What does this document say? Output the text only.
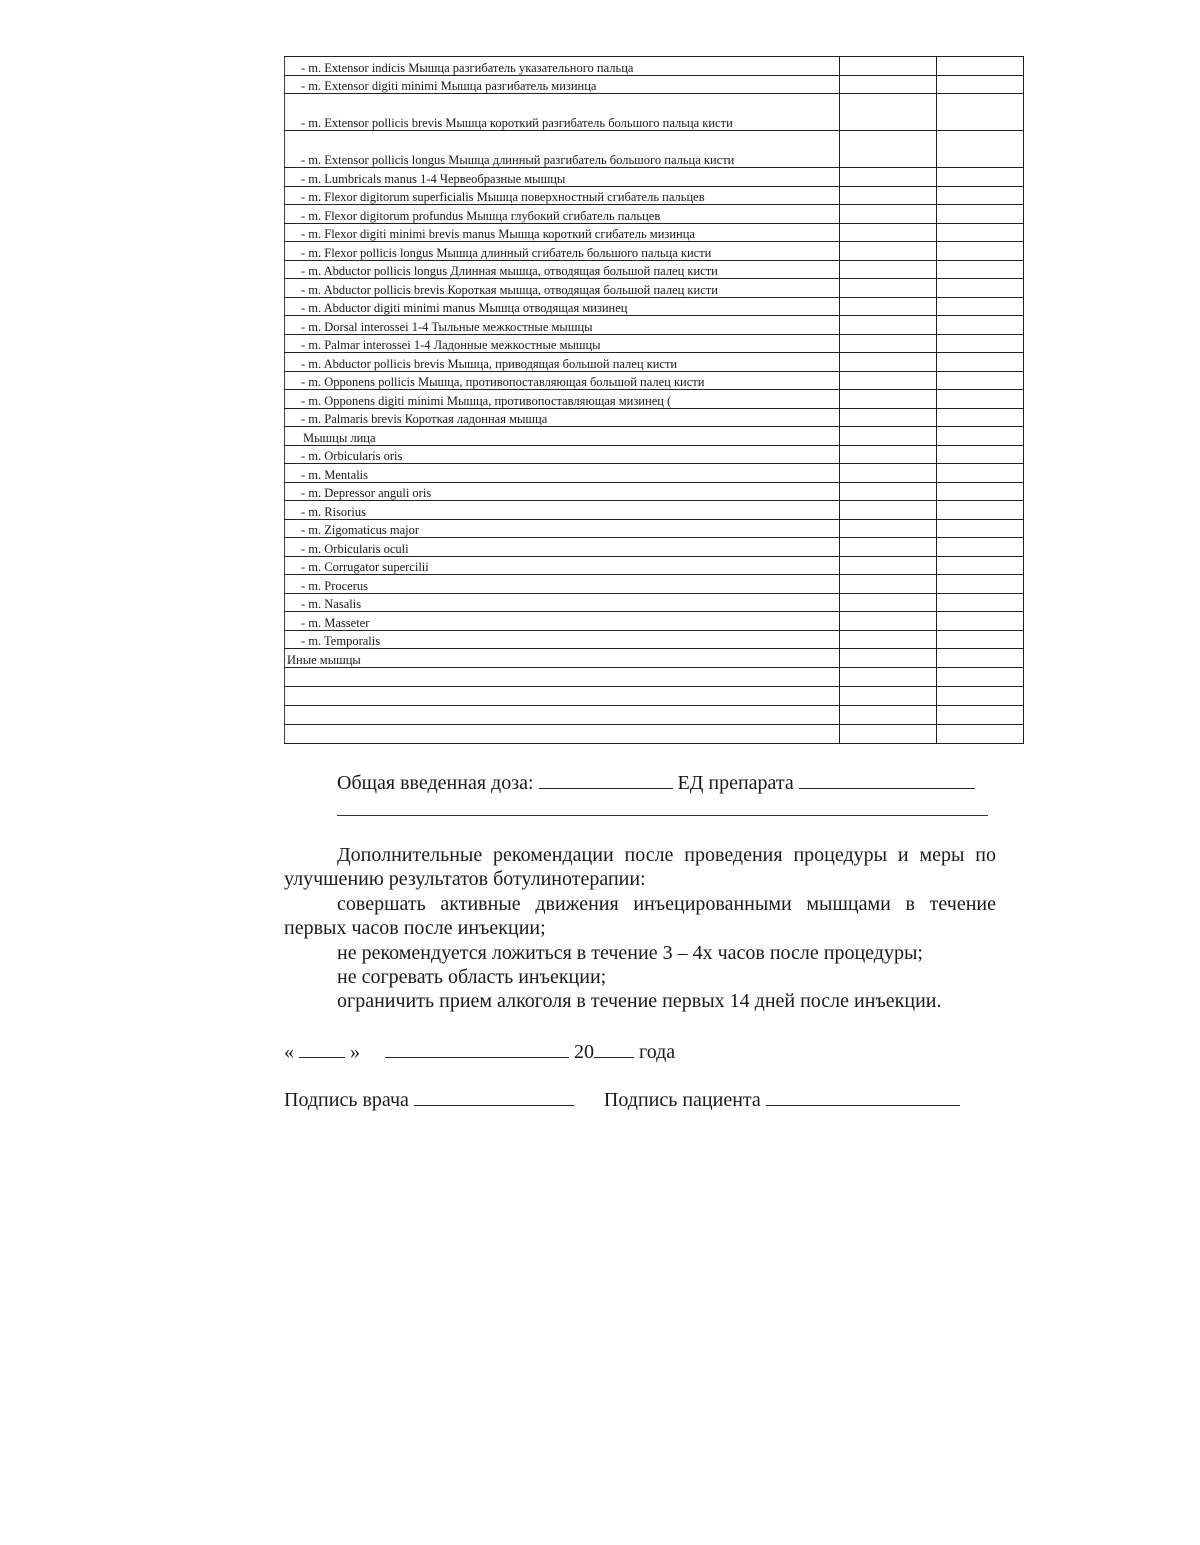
- m. Extensor indicis Мышца разгибатель указательного пальца		
- m. Extensor digiti minimi Мышца разгибатель мизинца		
- m. Extensor pollicis brevis Мышца короткий разгибатель большого пальца кисти		
- m. Extensor pollicis longus Мышца длинный разгибатель большого пальца кисти		
- m. Lumbricals manus 1-4 Червеобразные мышцы		
- m. Flexor digitorum superficialis Мышца поверхностный сгибатель пальцев		
- m. Flexor digitorum profundus Мышца глубокий сгибатель пальцев		
- m. Flexor digiti minimi brevis manus Мышца короткий сгибатель мизинца		
- m. Flexor pollicis longus Мышца длинный сгибатель большого пальца кисти		
- m. Abductor pollicis longus Длинная мышца, отводящая большой палец кисти		
- m. Abductor pollicis brevis Короткая мышца, отводящая большой палец кисти		
- m. Abductor digiti minimi manus Мышца отводящая мизинец		
- m. Dorsal interossei 1-4 Тыльные межкостные мышцы		
- m. Palmar interossei 1-4 Ладонные межкостные мышцы		
- m. Abductor pollicis brevis Мышца, приводящая большой палец кисти		
- m. Opponens pollicis Мышца, противопоставляющая большой палец кисти		
- m. Opponens digiti minimi Мышца, противопоставляющая мизинец (		
- m. Palmaris brevis Короткая ладонная мышца		
Мышцы лица		
- m. Orbicularis oris		
- m. Mentalis		
- m. Depressor anguli oris		
- m. Risorius		
- m. Zigomaticus major		
- m. Orbicularis oculi		
- m. Corrugator supercilii		
- m. Procerus		
- m. Nasalis		
- m. Masseter		
- m. Temporalis		
Иные мышцы		

Общая введенная доза:	ЕД препарата
Дополнительные рекомендации после проведения процедуры и меры по улучшению результатов ботулинотерапии:
совершать активные движения инъецированными мышцами в течение первых часов после инъекции;
не рекомендуется ложиться в течение 3 – 4х часов после процедуры;
не согревать область инъекции;
ограничить прием алкоголя в течение первых 14 дней после инъекции.
«	»	20 года
Подпись врача	Подпись пациента
